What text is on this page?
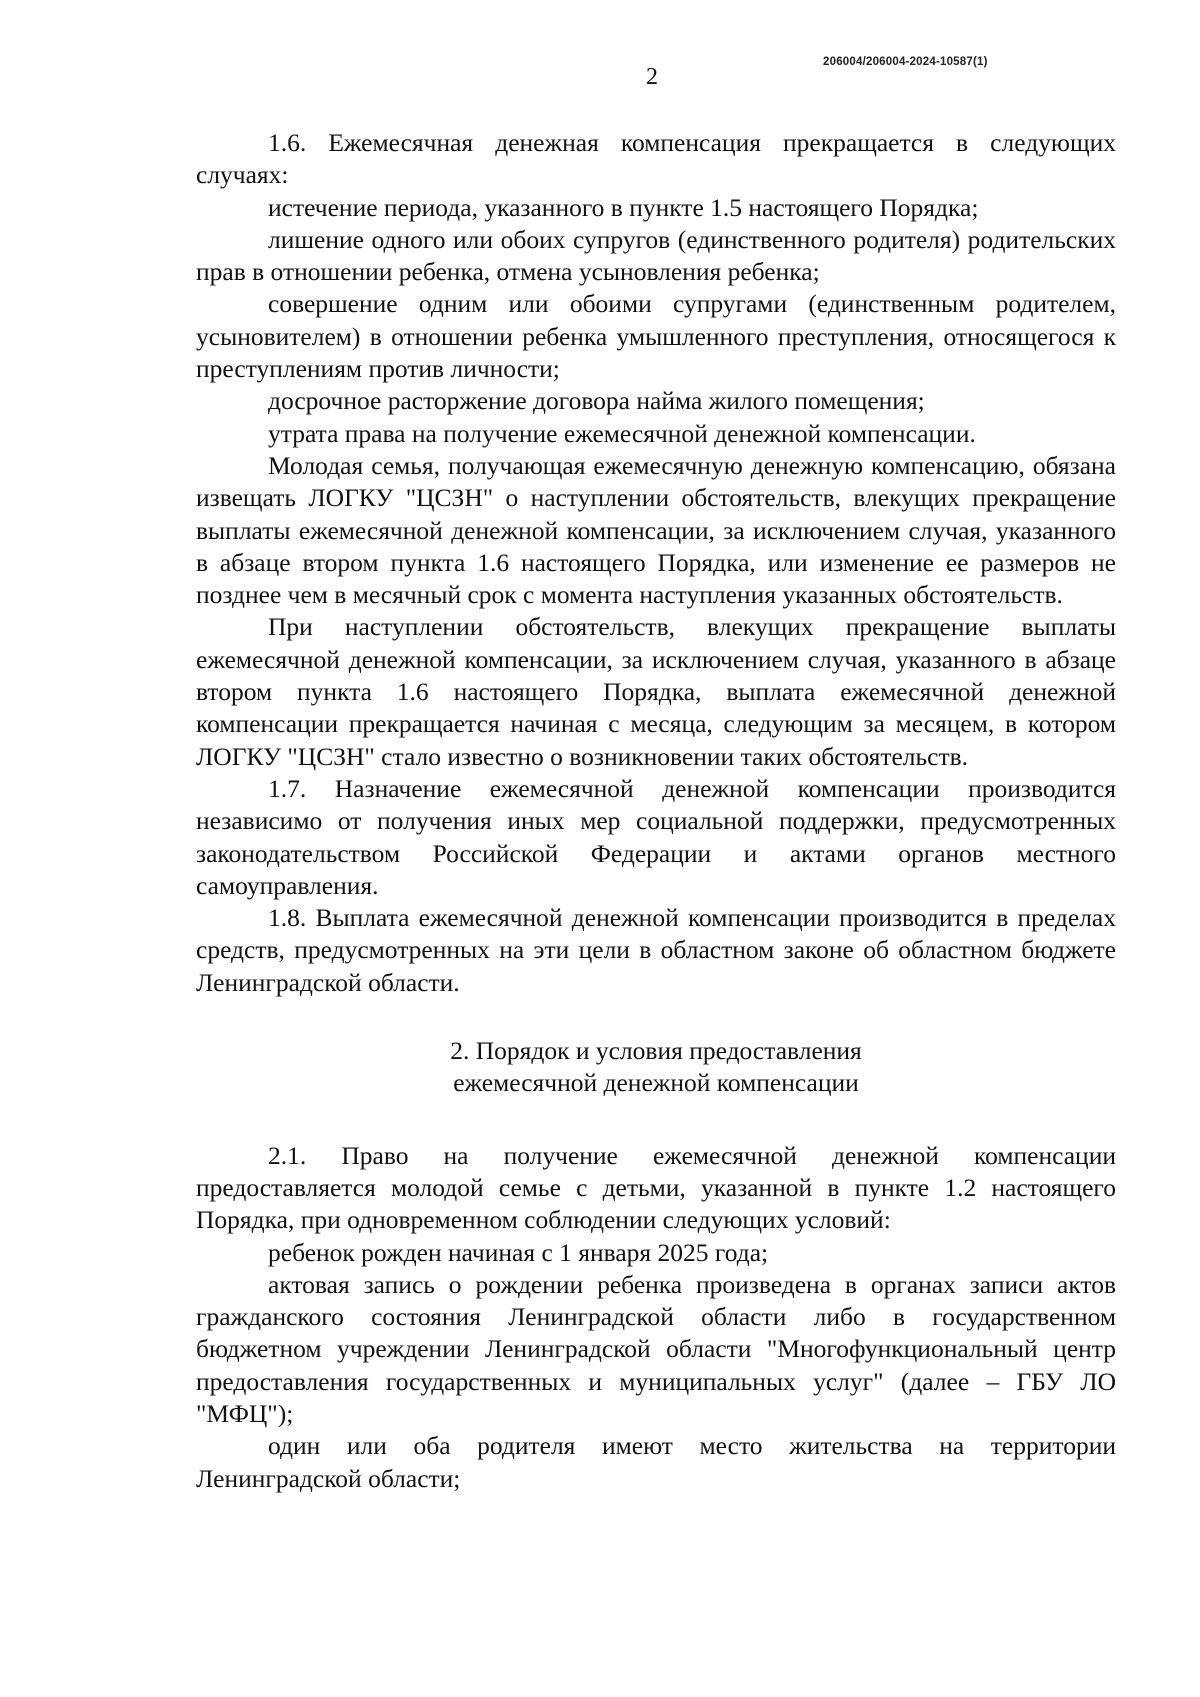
206004/206004-2024-10587(1)
2

1.6. Ежемесячная денежная компенсация прекращается в следующих случаях:

истечение периода, указанного в пункте 1.5 настоящего Порядка;

лишение одного или обоих супругов (единственного родителя) родительских прав в отношении ребенка, отмена усыновления ребенка;

совершение одним или обоими супругами (единственным родителем, усыновителем) в отношении ребенка умышленного преступления, относящегося к преступлениям против личности;

досрочное расторжение договора найма жилого помещения;

утрата права на получение ежемесячной денежной компенсации.

Молодая семья, получающая ежемесячную денежную компенсацию, обязана извещать ЛОГКУ "ЦСЗН" о наступлении обстоятельств, влекущих прекращение выплаты ежемесячной денежной компенсации, за исключением случая, указанного в абзаце втором пункта 1.6 настоящего Порядка, или изменение ее размеров не позднее чем в месячный срок с момента наступления указанных обстоятельств.

При наступлении обстоятельств, влекущих прекращение выплаты ежемесячной денежной компенсации, за исключением случая, указанного в абзаце втором пункта 1.6 настоящего Порядка, выплата ежемесячной денежной компенсации прекращается начиная с месяца, следующим за месяцем, в котором ЛОГКУ "ЦСЗН" стало известно о возникновении таких обстоятельств.

1.7. Назначение ежемесячной денежной компенсации производится независимо от получения иных мер социальной поддержки, предусмотренных законодательством Российской Федерации и актами органов местного самоуправления.

1.8. Выплата ежемесячной денежной компенсации производится в пределах средств, предусмотренных на эти цели в областном законе об областном бюджете Ленинградской области.

2. Порядок и условия предоставления
ежемесячной денежной компенсации

2.1. Право на получение ежемесячной денежной компенсации предоставляется молодой семье с детьми, указанной в пункте 1.2 настоящего Порядка, при одновременном соблюдении следующих условий:

ребенок рожден начиная с 1 января 2025 года;

актовая запись о рождении ребенка произведена в органах записи актов гражданского состояния Ленинградской области либо в государственном бюджетном учреждении Ленинградской области "Многофункциональный центр предоставления государственных и муниципальных услуг" (далее – ГБУ ЛО "МФЦ");

один или оба родителя имеют место жительства на территории Ленинградской области;
